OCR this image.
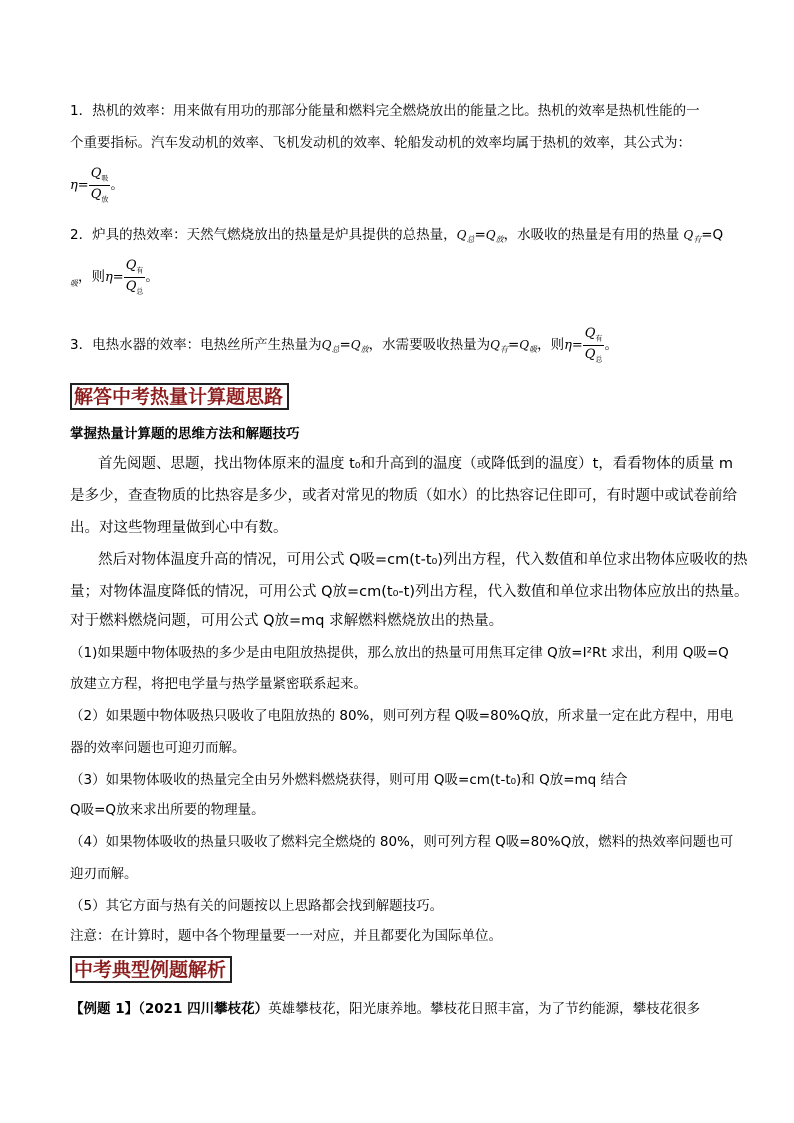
1．热机的效率：用来做有用功的那部分能量和燃料完全燃烧放出的能量之比。热机的效率是热机性能的一
个重要指标。汽车发动机的效率、飞机发动机的效率、轮船发动机的效率均属于热机的效率，其公式为：
$\eta= \frac{Q_吸}{Q_放}$ 。
2．炉具的热效率：天然气燃烧放出的热量是炉具提供的总热量，$Q_总=Q_放$，水吸收的热量是有用的热量 $Q_有=Q$
$_吸$，则$\eta= \frac{Q_有}{Q_总}$ 。
3．电热水器的效率：电热丝所产生热量为$Q_总=Q_放$，水需要吸收热量为$Q_有=Q_吸$，则$\eta= \frac{Q_有}{Q_总}$ 。
解答中考热量计算题思路
掌握热量计算题的思维方法和解题技巧
首先阅题、思题，找出物体原来的温度 t₀和升高到的温度（或降低到的温度）t，看看物体的质量 m
是多少，查查物质的比热容是多少，或者对常见的物质（如水）的比热容记住即可，有时题中或试卷前给
出。对这些物理量做到心中有数。
然后对物体温度升高的情况，可用公式 Q吸=cm(t-t₀)列出方程，代入数值和单位求出物体应吸收的热
量；对物体温度降低的情况，可用公式 Q放=cm(t₀-t)列出方程，代入数值和单位求出物体应放出的热量。
对于燃料燃烧问题，可用公式 Q放=mq 求解燃料燃烧放出的热量。
（1)如果题中物体吸热的多少是由电阻放热提供，那么放出的热量可用焦耳定律 Q放=I²Rt 求出，利用 Q吸=Q
放建立方程，将把电学量与热学量紧密联系起来。
（2）如果题中物体吸热只吸收了电阻放热的 80%，则可列方程 Q吸=80%Q放，所求量一定在此方程中，用电
器的效率问题也可迎刃而解。
（3）如果物体吸收的热量完全由另外燃料燃烧获得，则可用 Q吸=cm(t-t₀)和 Q放=mq 结合
Q吸=Q放来求出所要的物理量。
（4）如果物体吸收的热量只吸收了燃料完全燃烧的 80%，则可列方程 Q吸=80%Q放，燃料的热效率问题也可
迎刃而解。
（5）其它方面与热有关的问题按以上思路都会找到解题技巧。
注意：在计算时，题中各个物理量要一一对应，并且都要化为国际单位。
中考典型例题解析
【例题 1】（2021 四川攀枝花）英雄攀枝花，阳光康养地。攀枝花日照丰富，为了节约能源，攀枝花很多
